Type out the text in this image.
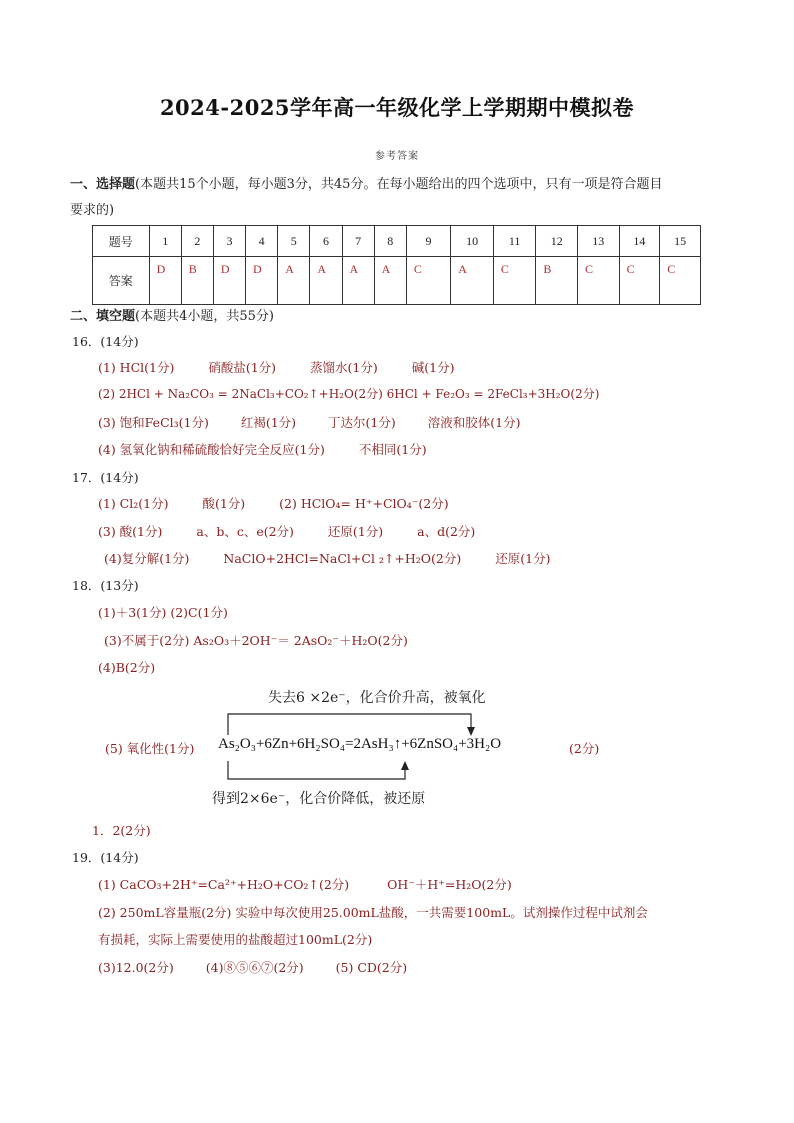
2024-2025学年高一年级化学上学期期中模拟卷
参考答案
一、选择题(本题共15个小题，每小题3分，共45分。在每小题给出的四个选项中，只有一项是符合题目
要求的)
题号	1	2	3	4	5	6	7	8	9	10	11	12	13	14	15
答案	D	B	D	D	A	A	A	A	C	A	C	B	C	C	C
二、填空题(本题共4小题，共55分)
16．(14分)
(1) HCl(1分)	硝酸盐(1分)	蒸馏水(1分)	碱(1分)
(2) 2HCl + Na₂CO₃ = 2NaCl₃+CO₂↑+H₂O(2分) 6HCl + Fe₂O₃ = 2FeCl₃+3H₂O(2分)
(3) 饱和FeCl₃(1分)	红褐(1分)	丁达尔(1分)	溶液和胶体(1分)
(4) 氢氧化钠和稀硫酸恰好完全反应(1分)	不相同(1分)
17．(14分)
(1) Cl₂(1分)	酸(1分)	(2) HClO₄= H⁺+ClO₄⁻(2分)
(3) 酸(1分)	a、b、c、e(2分)	还原(1分)	a、d(2分)
(4)复分解(1分)	NaClO+2HCl=NaCl+Cl ₂↑+H₂O(2分)	还原(1分)
18．(13分)
(1)＋3(1分) (2)C(1分)
(3)不属于(2分) As₂O₃＋2OH⁻＝ 2AsO₂⁻＋H₂O(2分)
(4)B(2分)
失去6 ×2e⁻，化合价升高，被氧化
(5) 氧化性(1分) As₂O₃+6Zn+6H₂SO₄=2AsH₃↑+6ZnSO₄+3H₂O	(2分)
得到2×6e⁻，化合价降低，被还原
1．2(2分)
19．(14分)
(1) CaCO₃+2H⁺=Ca²⁺+H₂O+CO₂↑(2分)	OH⁻＋H⁺=H₂O(2分)
(2) 250mL容量瓶(2分) 实验中每次使用25.00mL盐酸，一共需要100mL。试剂操作过程中试剂会
有损耗，实际上需要使用的盐酸超过100mL(2分)
(3)12.0(2分)	(4)⑧⑤⑥⑦(2分)	(5) CD(2分)
